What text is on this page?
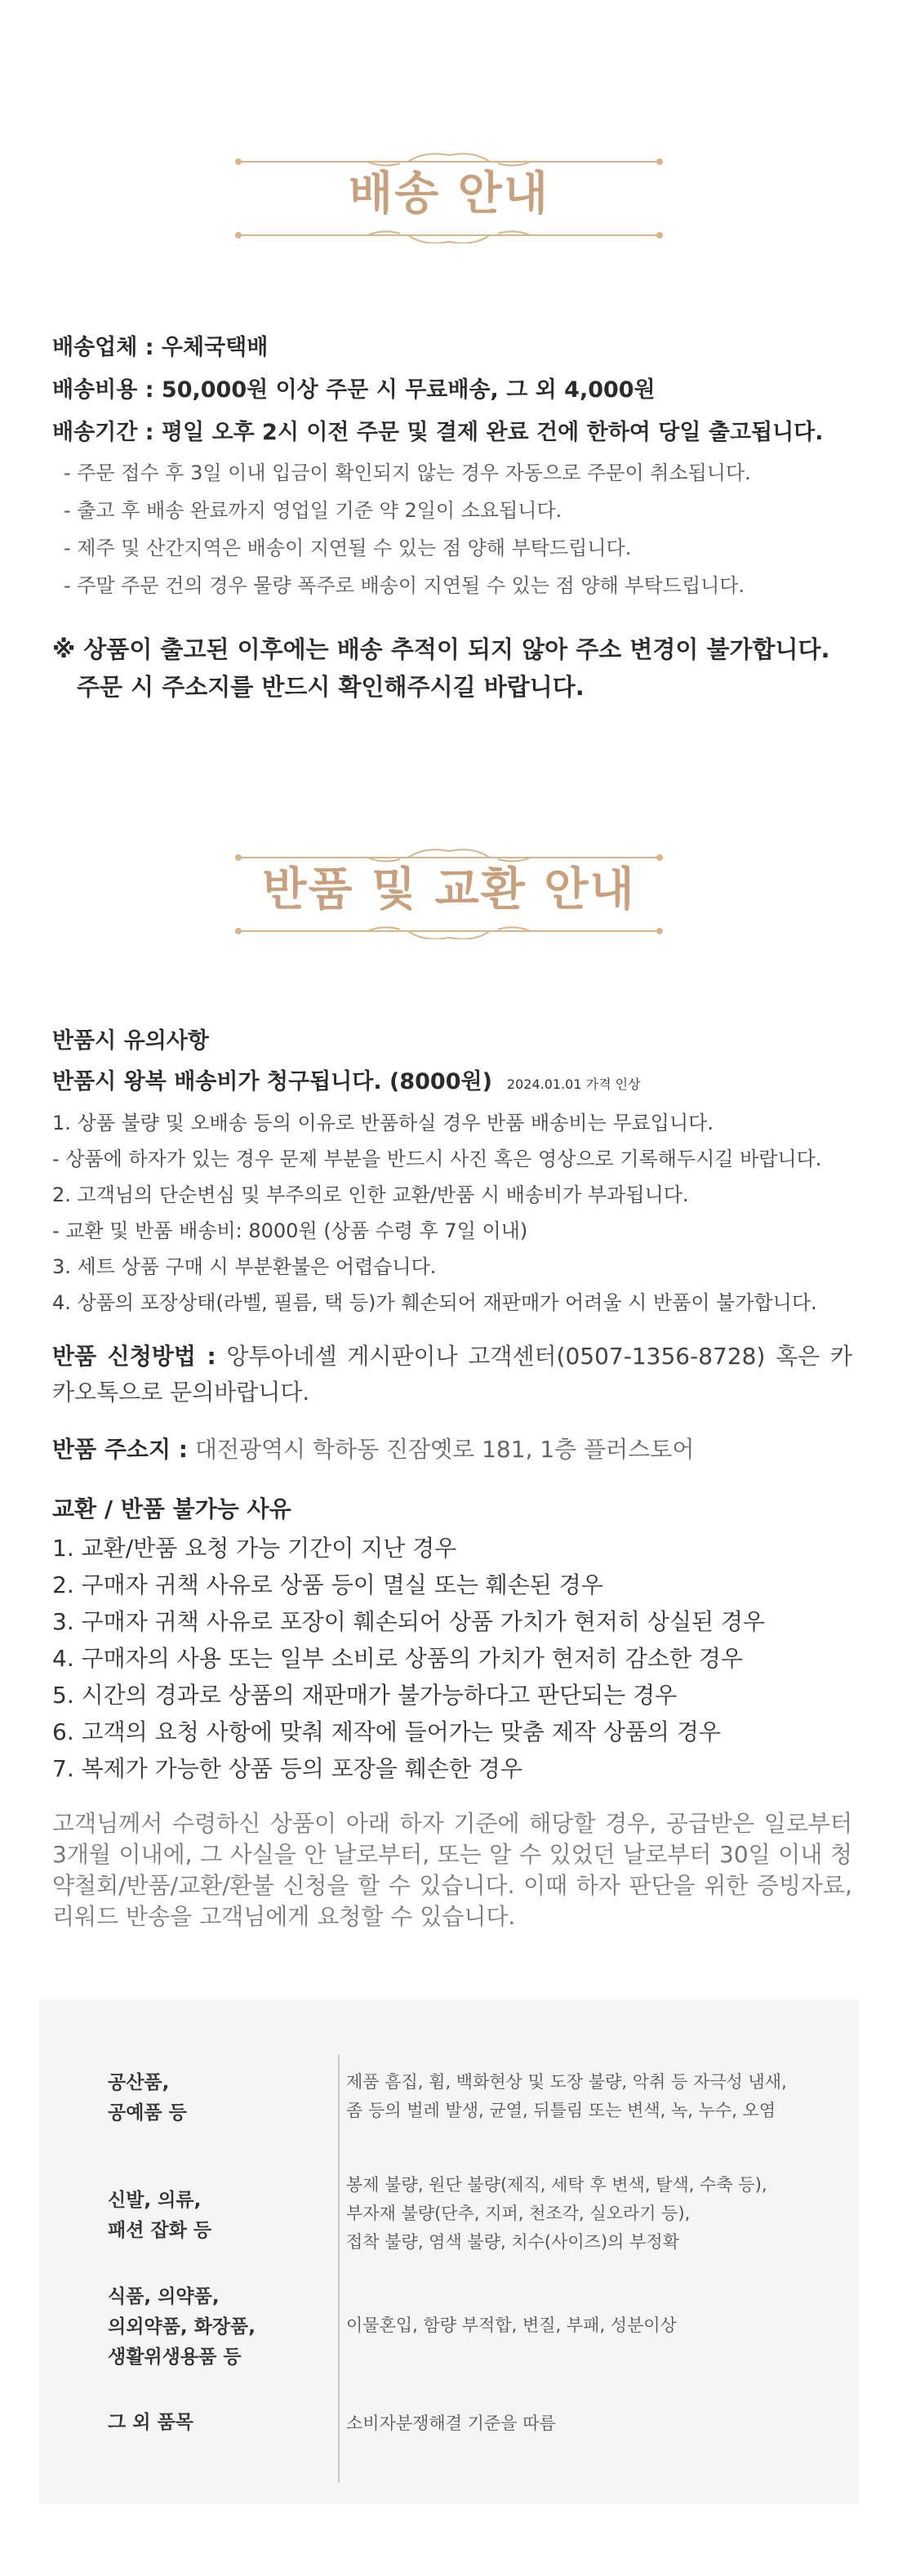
배송 안내

배송업체 : 우체국택배

배송비용 : 50,000원 이상 주문 시 무료배송, 그 외 4,000원

배송기간 : 평일 오후 2시 이전 주문 및 결제 완료 건에 한하여 당일 출고됩니다.

- 주문 접수 후 3일 이내 입금이 확인되지 않는 경우 자동으로 주문이 취소됩니다.

- 출고 후 배송 완료까지 영업일 기준 약 2일이 소요됩니다.

- 제주 및 산간지역은 배송이 지연될 수 있는 점 양해 부탁드립니다.

- 주말 주문 건의 경우 물량 폭주로 배송이 지연될 수 있는 점 양해 부탁드립니다.

※ 상품이 출고된 이후에는 배송 추적이 되지 않아 주소 변경이 불가합니다.

주문 시 주소지를 반드시 확인해주시길 바랍니다.

반품 및 교환 안내

반품시 유의사항

반품시 왕복 배송비가 청구됩니다. (8000원) 2024.01.01 가격 인상

1. 상품 불량 및 오배송 등의 이유로 반품하실 경우 반품 배송비는 무료입니다.

- 상품에 하자가 있는 경우 문제 부분을 반드시 사진 혹은 영상으로 기록해두시길 바랍니다.

2. 고객님의 단순변심 및 부주의로 인한 교환/반품 시 배송비가 부과됩니다.

- 교환 및 반품 배송비: 8000원 (상품 수령 후 7일 이내)

3. 세트 상품 구매 시 부분환불은 어렵습니다.

4. 상품의 포장상태(라벨, 필름, 택 등)가 훼손되어 재판매가 어려울 시 반품이 불가합니다.

반품 신청방법 : 앙투아네셀 게시판이나 고객센터(0507-1356-8728) 혹은 카카오톡으로 문의바랍니다.

반품 주소지 : 대전광역시 학하동 진잠옛로 181, 1층 플러스토어

교환 / 반품 불가능 사유

1. 교환/반품 요청 가능 기간이 지난 경우

2. 구매자 귀책 사유로 상품 등이 멸실 또는 훼손된 경우

3. 구매자 귀책 사유로 포장이 훼손되어 상품 가치가 현저히 상실된 경우

4. 구매자의 사용 또는 일부 소비로 상품의 가치가 현저히 감소한 경우

5. 시간의 경과로 상품의 재판매가 불가능하다고 판단되는 경우

6. 고객의 요청 사항에 맞춰 제작에 들어가는 맞춤 제작 상품의 경우

7. 복제가 가능한 상품 등의 포장을 훼손한 경우

고객님께서 수령하신 상품이 아래 하자 기준에 해당할 경우, 공급받은 일로부터 3개월 이내에, 그 사실을 안 날로부터, 또는 알 수 있었던 날로부터 30일 이내 청약철회/반품/교환/환불 신청을 할 수 있습니다. 이때 하자 판단을 위한 증빙자료, 리워드 반송을 고객님에게 요청할 수 있습니다.

공산품,
공예품 등
제품 흠집, 휨, 백화현상 및 도장 불량, 악취 등 자극성 냄새,
좀 등의 벌레 발생, 균열, 뒤틀림 또는 변색, 녹, 누수, 오염
신발, 의류,
패션 잡화 등
봉제 불량, 원단 불량(제직, 세탁 후 변색, 탈색, 수축 등),
부자재 불량(단추, 지퍼, 천조각, 실오라기 등),
접착 불량, 염색 불량, 치수(사이즈)의 부정확
식품, 의약품,
의외약품, 화장품,
생활위생용품 등
이물혼입, 함량 부적합, 변질, 부패, 성분이상
그 외 품목	소비자분쟁해결 기준을 따름
